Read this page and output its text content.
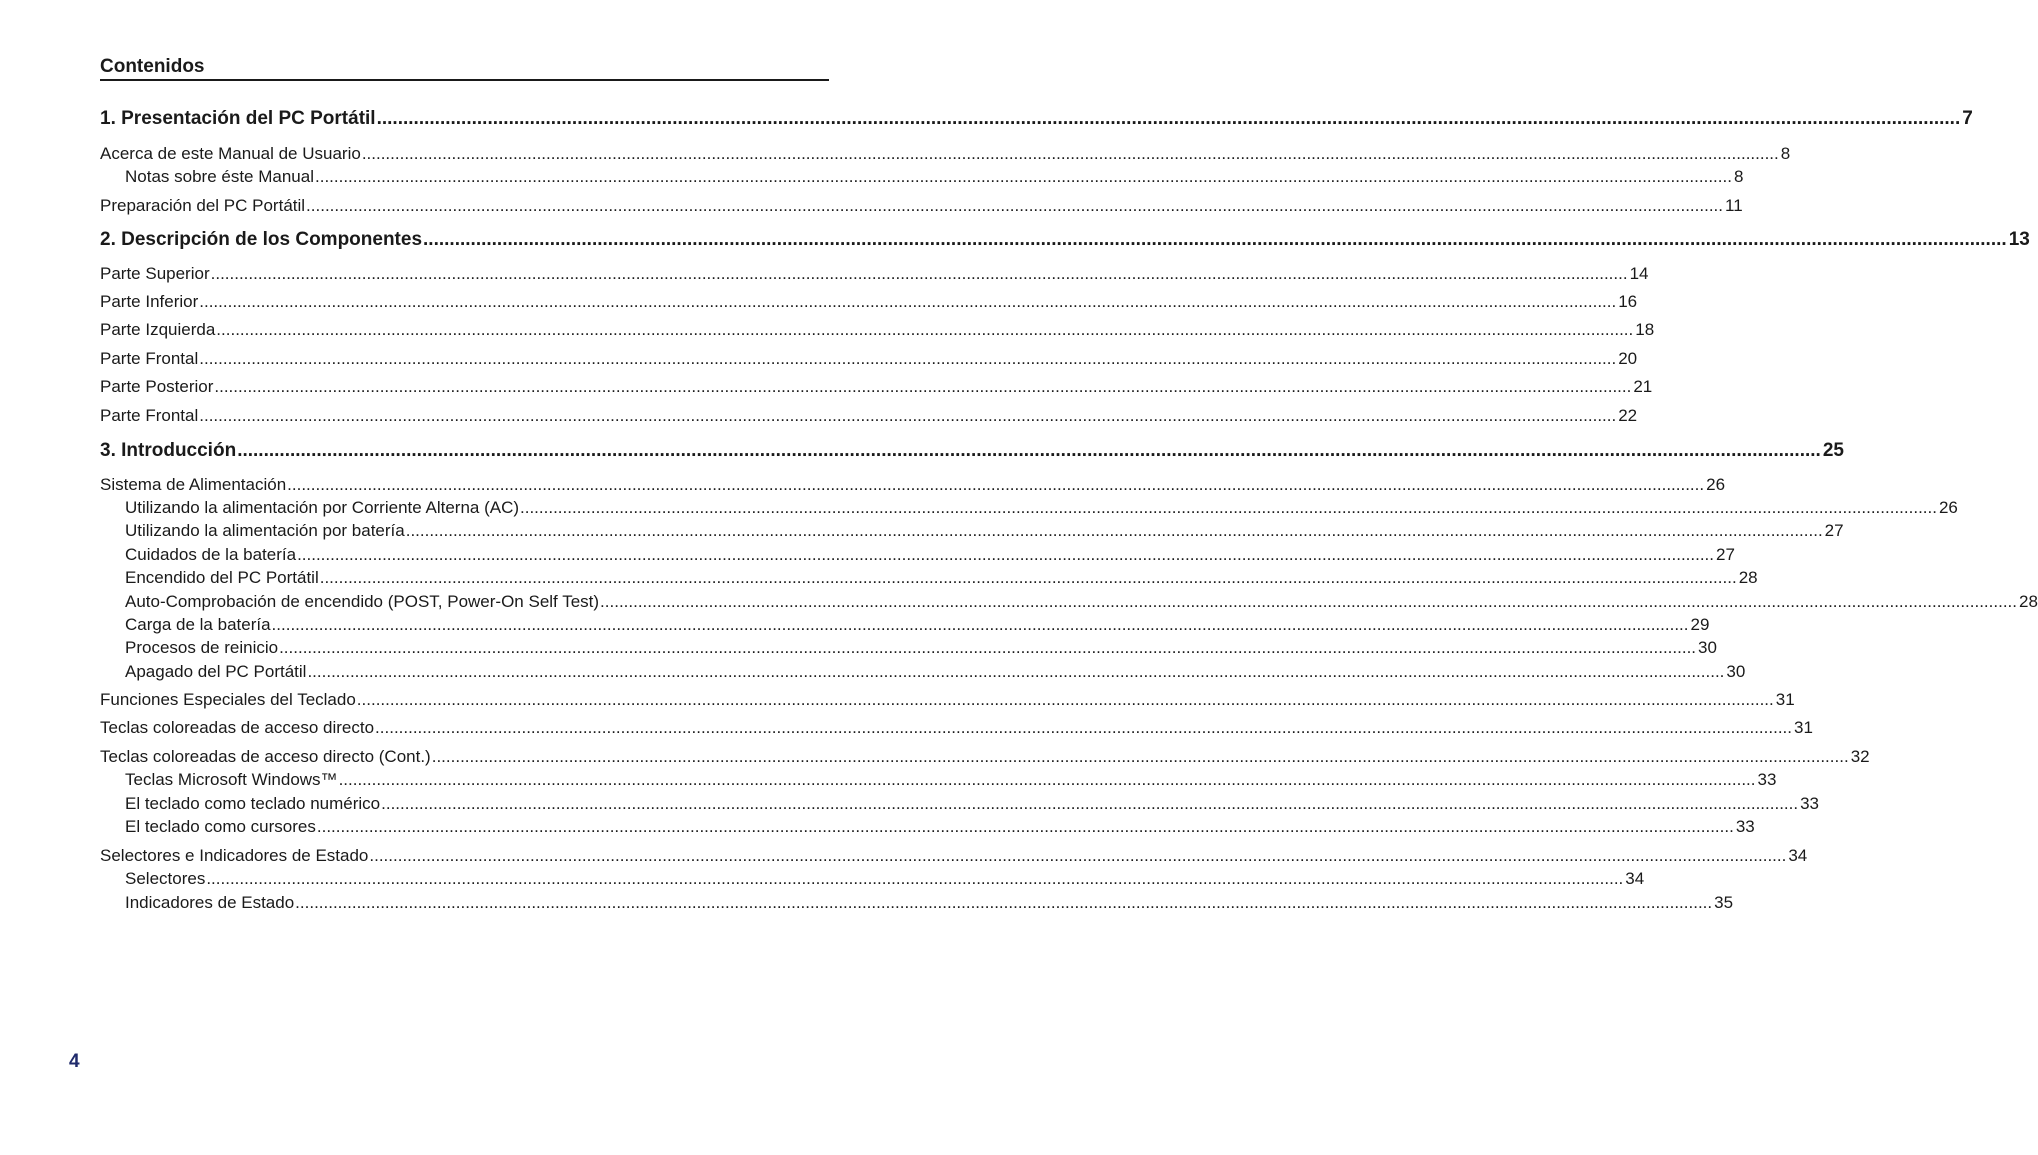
Contenidos
1. Presentación del PC Portátil ............................................................................................................................................................................................................................................................................................................ 7
Acerca de este Manual de Usuario ............................................................................................................................................................................................................................................................................................................ 8
Notas sobre éste Manual ............................................................................................................................................................................................................................................................................................................ 8
Preparación del PC Portátil ............................................................................................................................................................................................................................................................................................................ 11
2. Descripción de los Componentes ............................................................................................................................................................................................................................................................................................................ 13
Parte Superior ............................................................................................................................................................................................................................................................................................................ 14
Parte Inferior ............................................................................................................................................................................................................................................................................................................ 16
Parte Izquierda ............................................................................................................................................................................................................................................................................................................ 18
Parte Frontal ............................................................................................................................................................................................................................................................................................................ 20
Parte Posterior ............................................................................................................................................................................................................................................................................................................ 21
Parte Frontal ............................................................................................................................................................................................................................................................................................................ 22
3. Introducción ............................................................................................................................................................................................................................................................................................................ 25
Sistema de Alimentación ............................................................................................................................................................................................................................................................................................................ 26
Utilizando la alimentación por Corriente Alterna (AC) ............................................................................................................................................................................................................................................................................................................ 26
Utilizando la alimentación por batería ............................................................................................................................................................................................................................................................................................................ 27
Cuidados de la batería ............................................................................................................................................................................................................................................................................................................ 27
Encendido del PC Portátil ............................................................................................................................................................................................................................................................................................................ 28
Auto-Comprobación de encendido (POST, Power-On Self Test) ............................................................................................................................................................................................................................................................................................................ 28
Carga de la batería ............................................................................................................................................................................................................................................................................................................ 29
Procesos de reinicio ............................................................................................................................................................................................................................................................................................................ 30
Apagado del PC Portátil ............................................................................................................................................................................................................................................................................................................ 30
Funciones Especiales del Teclado ............................................................................................................................................................................................................................................................................................................ 31
Teclas coloreadas de acceso directo ............................................................................................................................................................................................................................................................................................................ 31
Teclas coloreadas de acceso directo (Cont.) ............................................................................................................................................................................................................................................................................................................ 32
Teclas Microsoft Windows™ ............................................................................................................................................................................................................................................................................................................ 33
El teclado como teclado numérico ............................................................................................................................................................................................................................................................................................................ 33
El teclado como cursores ............................................................................................................................................................................................................................................................................................................ 33
Selectores e Indicadores de Estado ............................................................................................................................................................................................................................................................................................................ 34
Selectores ............................................................................................................................................................................................................................................................................................................ 34
Indicadores de Estado ............................................................................................................................................................................................................................................................................................................ 35
4
